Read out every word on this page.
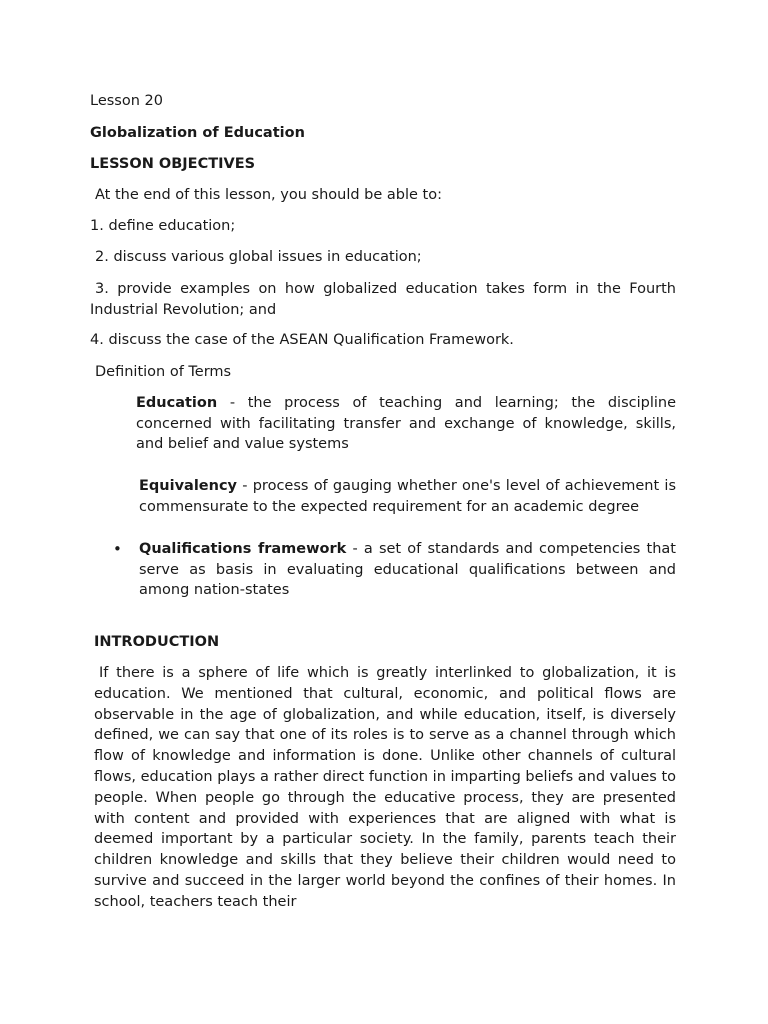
Lesson 20
Globalization of Education
LESSON OBJECTIVES
At the end of this lesson, you should be able to:
1. define education;
2. discuss various global issues in education;
3. provide examples on how globalized education takes form in the Fourth Industrial Revolution; and
4. discuss the case of the ASEAN Qualification Framework.
Definition of Terms
Education - the process of teaching and learning; the discipline concerned with facilitating transfer and exchange of knowledge, skills, and belief and value systems
Equivalency - process of gauging whether one's level of achievement is commensurate to the expected requirement for an academic degree
• Qualifications framework - a set of standards and competencies that serve as basis in evaluating educational qualifications between and among nation-states
INTRODUCTION
If there is a sphere of life which is greatly interlinked to globalization, it is education. We mentioned that cultural, economic, and political flows are observable in the age of globalization, and while education, itself, is diversely defined, we can say that one of its roles is to serve as a channel through which flow of knowledge and information is done. Unlike other channels of cultural flows, education plays a rather direct function in imparting beliefs and values to people. When people go through the educative process, they are presented with content and provided with experiences that are aligned with what is deemed important by a particular society. In the family, parents teach their children knowledge and skills that they believe their children would need to survive and succeed in the larger world beyond the confines of their homes. In school, teachers teach their
